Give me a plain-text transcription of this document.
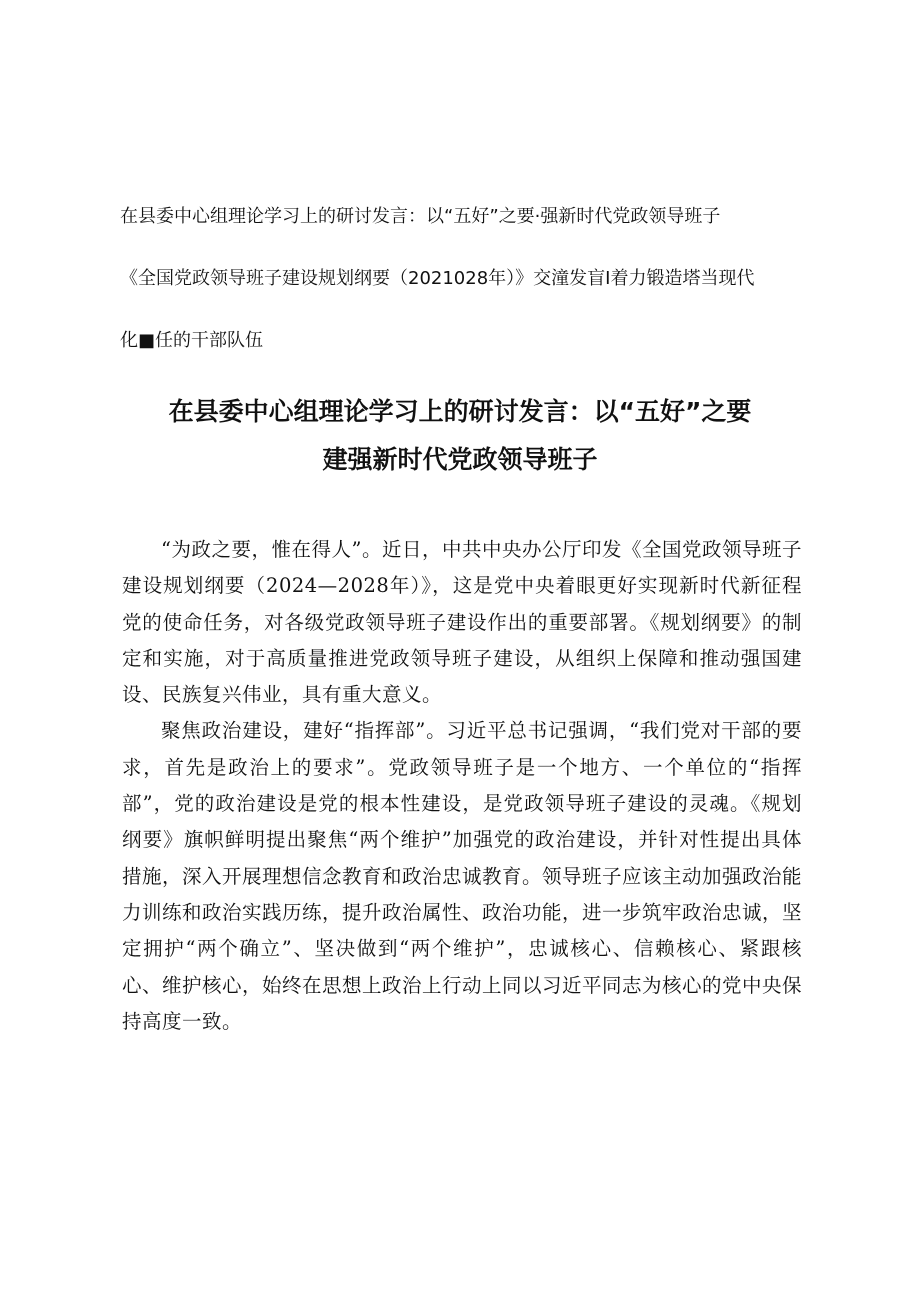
在县委中心组理论学习上的研讨发言：以“五好”之要·强新时代党政领导班子
《全国党政领导班子建设规划纲要（2021028年）》交潼发盲Ⅰ着力锻造塔当现代
化■任的干部队伍
在县委中心组理论学习上的研讨发言：以“五好”之要
建强新时代党政领导班子

“为政之要，惟在得人”。近日，中共中央办公厅印发《全国党政领导班子建设规划纲要（2024—2028年）》，这是党中央着眼更好实现新时代新征程党的使命任务，对各级党政领导班子建设作出的重要部署。《规划纲要》的制定和实施，对于高质量推进党政领导班子建设，从组织上保障和推动强国建设、民族复兴伟业，具有重大意义。

聚焦政治建设，建好“指挥部”。习近平总书记强调，“我们党对干部的要求，首先是政治上的要求”。党政领导班子是一个地方、一个单位的“指挥部”，党的政治建设是党的根本性建设，是党政领导班子建设的灵魂。《规划纲要》旗帜鲜明提出聚焦“两个维护”加强党的政治建设，并针对性提出具体措施，深入开展理想信念教育和政治忠诚教育。领导班子应该主动加强政治能力训练和政治实践历练，提升政治属性、政治功能，进一步筑牢政治忠诚，坚定拥护“两个确立”、坚决做到“两个维护”，忠诚核心、信赖核心、紧跟核心、维护核心，始终在思想上政治上行动上同以习近平同志为核心的党中央保持高度一致。
